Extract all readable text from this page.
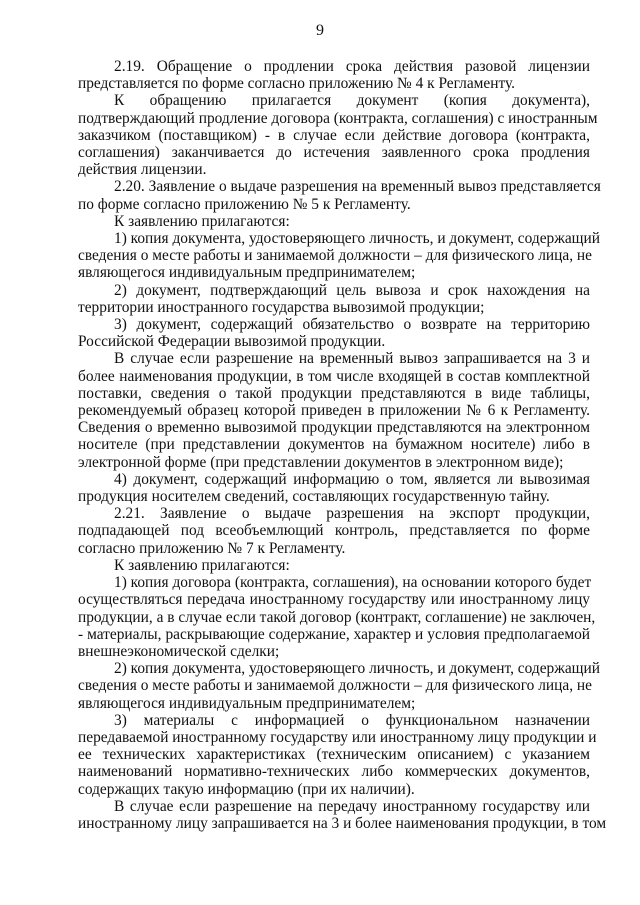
9

2.19. Обращение о продлении срока действия разовой лицензии
представляется по форме согласно приложению № 4 к Регламенту.

К обращению прилагается документ (копия документа),
подтверждающий продление договора (контракта, соглашения) с иностранным
заказчиком (поставщиком) - в случае если действие договора (контракта,
соглашения) заканчивается до истечения заявленного срока продления
действия лицензии.

2.20. Заявление о выдаче разрешения на временный вывоз представляется
по форме согласно приложению № 5 к Регламенту.

К заявлению прилагаются:

1) копия документа, удостоверяющего личность, и документ, содержащий
сведения о месте работы и занимаемой должности – для физического лица, не
являющегося индивидуальным предпринимателем;

2) документ, подтверждающий цель вывоза и срок нахождения на
территории иностранного государства вывозимой продукции;

3) документ, содержащий обязательство о возврате на территорию
Российской Федерации вывозимой продукции.

В случае если разрешение на временный вывоз запрашивается на 3 и
более наименования продукции, в том числе входящей в состав комплектной
поставки, сведения о такой продукции представляются в виде таблицы,
рекомендуемый образец которой приведен в приложении № 6 к Регламенту.
Сведения о временно вывозимой продукции представляются на электронном
носителе (при представлении документов на бумажном носителе) либо в
электронной форме (при представлении документов в электронном виде);

4) документ, содержащий информацию о том, является ли вывозимая
продукция носителем сведений, составляющих государственную тайну.

2.21. Заявление о выдаче разрешения на экспорт продукции,
подпадающей под всеобъемлющий контроль, представляется по форме
согласно приложению № 7 к Регламенту.

К заявлению прилагаются:

1) копия договора (контракта, соглашения), на основании которого будет
осуществляться передача иностранному государству или иностранному лицу
продукции, а в случае если такой договор (контракт, соглашение) не заключен,
- материалы, раскрывающие содержание, характер и условия предполагаемой
внешнеэкономической сделки;

2) копия документа, удостоверяющего личность, и документ, содержащий
сведения о месте работы и занимаемой должности – для физического лица, не
являющегося индивидуальным предпринимателем;

3) материалы с информацией о функциональном назначении
передаваемой иностранному государству или иностранному лицу продукции и
ее технических характеристиках (техническим описанием) с указанием
наименований нормативно-технических либо коммерческих документов,
содержащих такую информацию (при их наличии).

В случае если разрешение на передачу иностранному государству или
иностранному лицу запрашивается на 3 и более наименования продукции, в том
